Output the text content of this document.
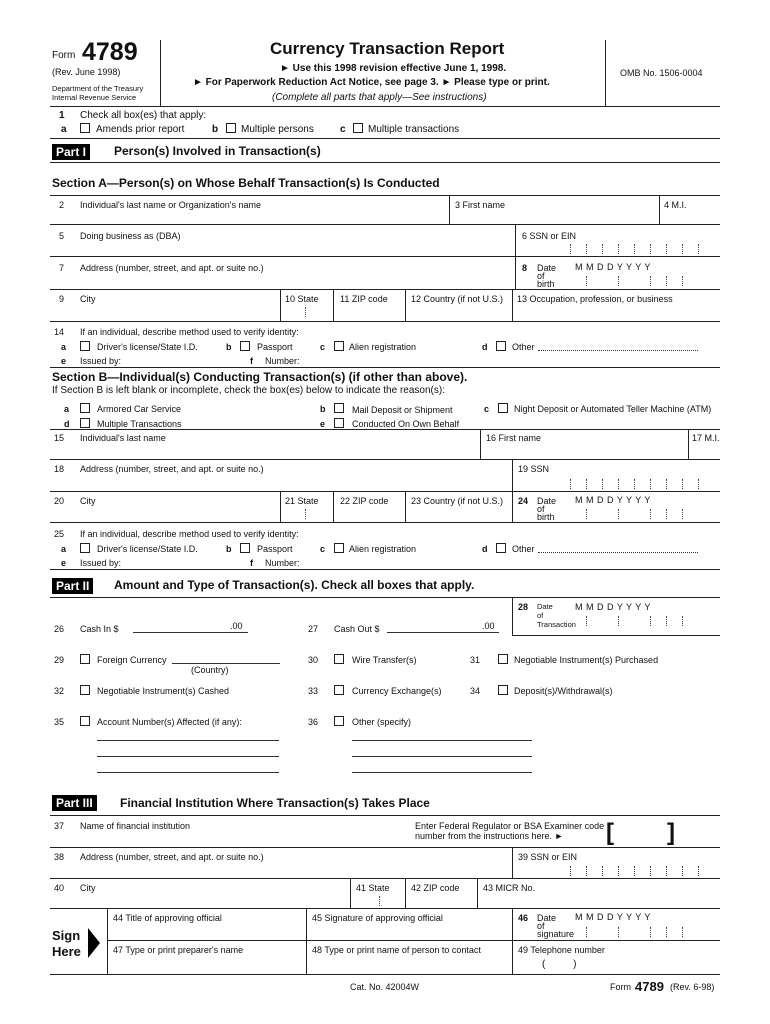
Form 4789
(Rev. June 1998)
Department of the Treasury
Internal Revenue Service
Currency Transaction Report
► Use this 1998 revision effective June 1, 1998.
► For Paperwork Reduction Act Notice, see page 3. ► Please type or print.
(Complete all parts that apply—See instructions)
OMB No. 1506-0004
1 Check all box(es) that apply:
a	Amends prior report	b Multiple persons	c Multiple transactions
Part I	Person(s) Involved in Transaction(s)
Section A—Person(s) on Whose Behalf Transaction(s) Is Conducted
2 Individual's last name or Organization's name	3 First name	4 M.I.
5 Doing business as (DBA)	6 SSN or EIN
7 Address (number, street, and apt. or suite no.)	8 Date
of
birth
M M D D Y Y Y Y
9 City	10 State 11 ZIP code	12 Country (if not U.S.) 13 Occupation, profession, or business
14 If an individual, describe method used to verify identity:
a	Driver's license/State I.D.	b	Passport	c	Alien registration	d	Other
e Issued by:	f Number:
Section B—Individual(s) Conducting Transaction(s) (if other than above).
If Section B is left blank or incomplete, check the box(es) below to indicate the reason(s):
a	Armored Car Service	b	Mail Deposit or Shipment	c	Night Deposit or Automated Teller Machine (ATM)
d	Multiple Transactions	e	Conducted On Own Behalf
15 Individual's last name	16 First name	17 M.I.
18 Address (number, street, and apt. or suite no.)	19 SSN
20 City	21 State 22 ZIP code	23 Country (if not U.S.) 24 Date
of
birth
M M D D Y Y Y Y
25 If an individual, describe method used to verify identity:
a	Driver's license/State I.D.	b	Passport	c	Alien registration	d	Other
e Issued by:	f Number:
Part II	Amount and Type of Transaction(s). Check all boxes that apply.
28 Date
of
Transaction
M M D D Y Y Y Y
26 Cash In $	.00	27 Cash Out $	.00
29	Foreign Currency
(Country)
30	Wire Transfer(s)	31	Negotiable Instrument(s) Purchased
32	Negotiable Instrument(s) Cashed	33	Currency Exchange(s)	34	Deposit(s)/Withdrawal(s)
35	Account Number(s) Affected (if any):	36	Other (specify)
Part III	Financial Institution Where Transaction(s) Takes Place
37 Name of financial institution	Enter Federal Regulator or BSA Examiner code
number from the instructions here. ► [ ]
38 Address (number, street, and apt. or suite no.)	39 SSN or EIN
40 City	41 State 42 ZIP code	43 MICR No.
Sign
Here
44 Title of approving official	45 Signature of approving official	46 Date
of
signature
M M D D Y Y Y Y
47 Type or print preparer's name	48 Type or print name of person to contact	49 Telephone number
(          )
Cat. No. 42004W	Form 4789 (Rev. 6-98)
